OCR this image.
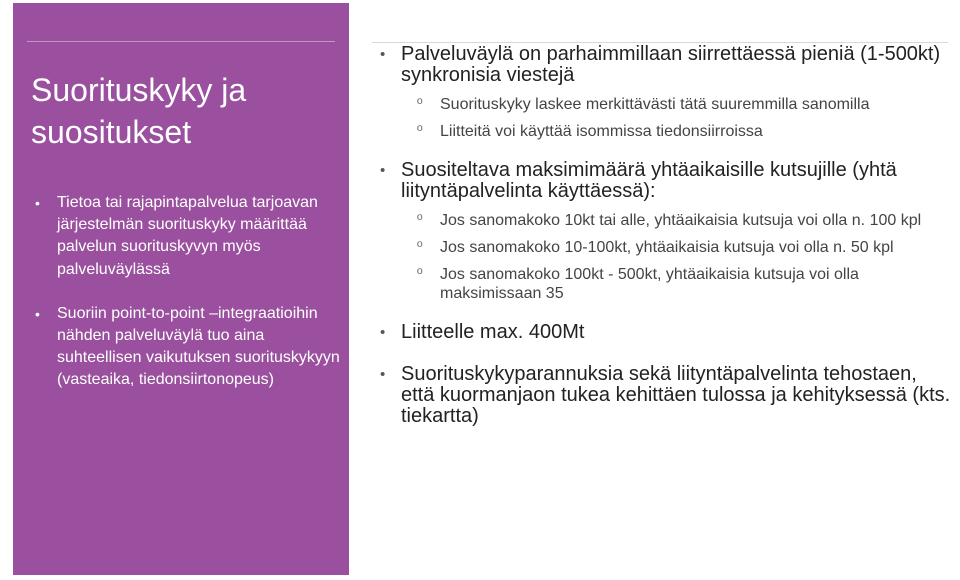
Suorituskyky ja suositukset
• Tietoa tai rajapintapalvelua tarjoavan järjestelmän suorituskyky määrittää palvelun suorituskyvyn myös palveluväylässä
• Suoriin point-to-point –integraatioihin nähden palveluväylä tuo aina suhteellisen vaikutuksen suorituskykyyn (vasteaika, tiedonsiirtonopeus)
• Palveluväylä on parhaimmillaan siirrettäessä pieniä (1-500kt) synkronisia viestejä
º Suorituskyky laskee merkittävästi tätä suuremmilla sanomilla
º Liitteitä voi käyttää isommissa tiedonsiirroissa
• Suositeltava maksimimäärä yhtäaikaisille kutsujille (yhtä liityntäpalvelinta käyttäessä):
º Jos sanomakoko 10kt tai alle, yhtäaikaisia kutsuja voi olla n. 100 kpl
º Jos sanomakoko 10-100kt, yhtäaikaisia kutsuja voi olla n. 50 kpl
º Jos sanomakoko 100kt - 500kt, yhtäaikaisia kutsuja voi olla maksimissaan 35
• Liitteelle max. 400Mt
• Suorituskykyparannuksia sekä liityntäpalvelinta tehostaen, että kuormanjaon tukea kehittäen tulossa ja kehityksessä (kts. tiekartta)
